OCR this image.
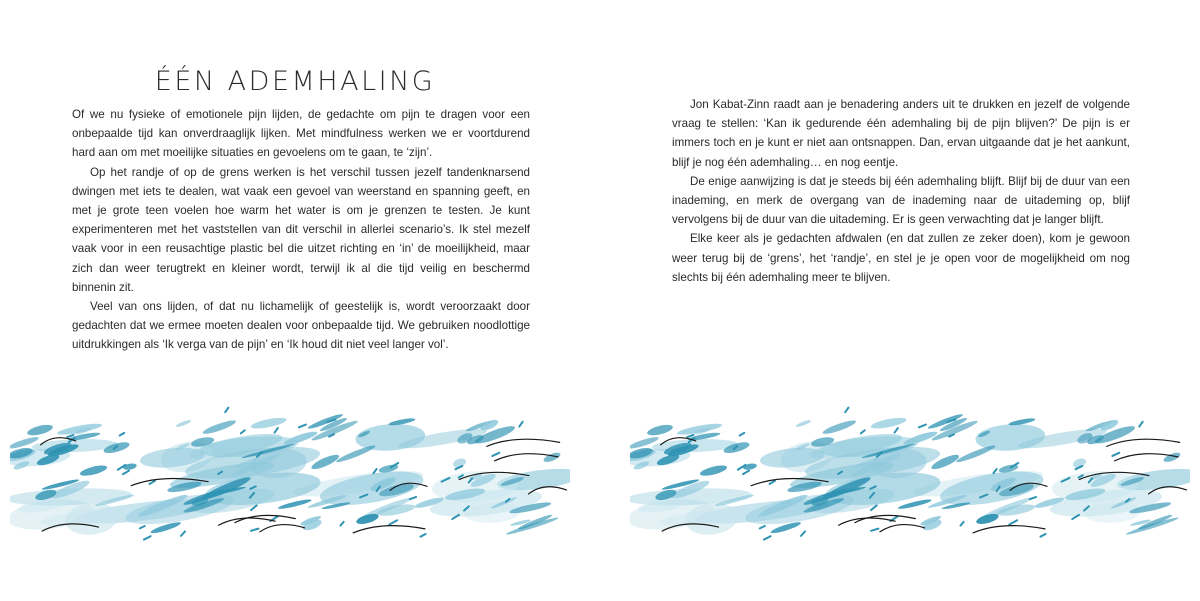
ÉÉN ADEMHALING

Of we nu fysieke of emotionele pijn lijden, de gedachte om pijn te dragen voor een onbepaalde tijd kan onverdraaglijk lijken. Met mindfulness werken we er voortdurend hard aan om met moeilijke situaties en gevoelens om te gaan, te ‘zijn’.

Op het randje of op de grens werken is het verschil tussen jezelf tandenknarsend dwingen met iets te dealen, wat vaak een gevoel van weerstand en spanning geeft, en met je grote teen voelen hoe warm het water is om je grenzen te testen. Je kunt experimenteren met het vaststellen van dit verschil in allerlei scenario’s. Ik stel mezelf vaak voor in een reusachtige plastic bel die uitzet richting en ‘in’ de moeilijkheid, maar zich dan weer terugtrekt en kleiner wordt, terwijl ik al die tijd veilig en beschermd binnenin zit.

Veel van ons lijden, of dat nu lichamelijk of geestelijk is, wordt veroorzaakt door gedachten dat we ermee moeten dealen voor onbepaalde tijd. We gebruiken noodlottige uitdrukkingen als ‘Ik verga van de pijn’ en ‘Ik houd dit niet veel langer vol’.

Jon Kabat-Zinn raadt aan je benadering anders uit te drukken en jezelf de volgende vraag te stellen: ‘Kan ik gedurende één ademhaling bij de pijn blijven?’ De pijn is er immers toch en je kunt er niet aan ontsnappen. Dan, ervan uitgaande dat je het aankunt, blijf je nog één ademhaling… en nog eentje.

De enige aanwijzing is dat je steeds bij één ademhaling blijft. Blijf bij de duur van een inademing, en merk de overgang van de inademing naar de uitademing op, blijf vervolgens bij de duur van die uitademing. Er is geen verwachting dat je langer blijft.

Elke keer als je gedachten afdwalen (en dat zullen ze zeker doen), kom je gewoon weer terug bij de ‘grens’, het ‘randje’, en stel je je open voor de mogelijkheid om nog slechts bij één ademhaling meer te blijven.
